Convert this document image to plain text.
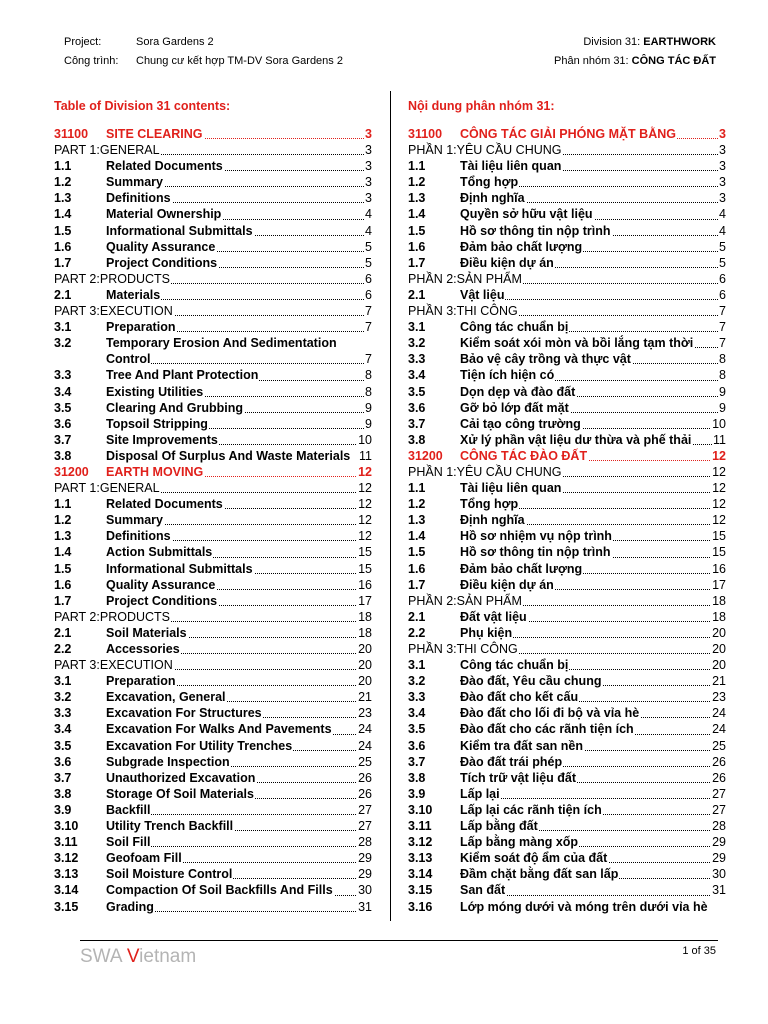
Project:	Sora Gardens 2	Division 31: EARTHWORK
Công trình: Chung cư kết hợp TM-DV Sora Gardens 2	Phân nhóm 31: CÔNG TÁC ĐẤT
Table of Division 31 contents:
31100 SITE CLEARING	3
PART 1:GENERAL	3
1.1	Related Documents	3
1.2	Summary	3
1.3	Definitions	3
1.4	Material Ownership	4
1.5	Informational Submittals	4
1.6	Quality Assurance	5
1.7	Project Conditions	5
PART 2:PRODUCTS	6
2.1	Materials	6
PART 3:EXECUTION	7
3.1	Preparation	7
3.2	Temporary Erosion And Sedimentation
Control	7
3.3	Tree And Plant Protection	8
3.4	Existing Utilities	8
3.5	Clearing And Grubbing	9
3.6	Topsoil Stripping	9
3.7	Site Improvements	10
3.8	Disposal Of Surplus And Waste Materials 11
31200 EARTH MOVING	12
PART 1:GENERAL	12
1.1	Related Documents	12
1.2	Summary	12
1.3	Definitions	12
1.4	Action Submittals	15
1.5	Informational Submittals	15
1.6	Quality Assurance	16
1.7	Project Conditions	17
PART 2:PRODUCTS	18
2.1	Soil Materials	18
2.2	Accessories	20
PART 3:EXECUTION	20
3.1	Preparation	20
3.2	Excavation, General	21
3.3	Excavation For Structures	23
3.4	Excavation For Walks And Pavements 24
3.5	Excavation For Utility Trenches	24
3.6	Subgrade Inspection	25
3.7	Unauthorized Excavation	26
3.8	Storage Of Soil Materials	26
3.9	Backfill	27
3.10 Utility Trench Backfill	27
3.11 Soil Fill	28
3.12 Geofoam Fill	29
3.13 Soil Moisture Control	29
3.14 Compaction Of Soil Backfills And Fills 30
3.15 Grading	31
Nội dung phân nhóm 31:
31100 CÔNG TÁC GIẢI PHÓNG MẶT BẰNG	3
PHẦN 1:YÊU CẦU CHUNG	3
1.1	Tài liệu liên quan	3
1.2	Tổng hợp	3
1.3	Định nghĩa	3
1.4	Quyền sở hữu vật liệu	4
1.5	Hồ sơ thông tin nộp trình	4
1.6	Đảm bảo chất lượng	5
1.7	Điều kiện dự án	5
PHẦN 2:SẢN PHẨM	6
2.1	Vật liệu	6
PHẦN 3:THI CÔNG	7
3.1	Công tác chuẩn bị	7
3.2	Kiểm soát xói mòn và bồi lắng tạm thời 7
3.3	Bảo vệ cây trồng và thực vật	8
3.4	Tiện ích hiện có	8
3.5	Dọn dẹp và đào đất	9
3.6	Gỡ bỏ lớp đất mặt	9
3.7	Cải tạo công trường	10
3.8	Xử lý phần vật liệu dư thừa và phế thải 11
31200 CÔNG TÁC ĐÀO ĐẤT	12
PHẦN 1:YÊU CẦU CHUNG	12
1.1	Tài liệu liên quan	12
1.2	Tổng hợp	12
1.3	Định nghĩa	12
1.4	Hồ sơ nhiệm vụ nộp trình	15
1.5	Hồ sơ thông tin nộp trình	15
1.6	Đảm bảo chất lượng	16
1.7	Điều kiện dự án	17
PHẦN 2:SẢN PHẨM	18
2.1	Đất vật liệu	18
2.2	Phụ kiện	20
PHẦN 3:THI CÔNG	20
3.1	Công tác chuẩn bị	20
3.2	Đào đất, Yêu cầu chung	21
3.3	Đào đất cho kết cấu	23
3.4	Đào đất cho lối đi bộ và vỉa hè	24
3.5	Đào đất cho các rãnh tiện ích	24
3.6	Kiểm tra đất san nền	25
3.7	Đào đất trái phép	26
3.8	Tích trữ vật liệu đất	26
3.9	Lấp lại	27
3.10 Lấp lại các rãnh tiện ích	27
3.11 Lấp bằng đất	28
3.12 Lấp bằng màng xốp	29
3.13 Kiểm soát độ ẩm của đất	29
3.14 Đầm chặt bằng đất san lấp	30
3.15 San đất	31
3.16 Lớp móng dưới và móng trên dưới vỉa hè
SWA Vietnam	1 of 35
